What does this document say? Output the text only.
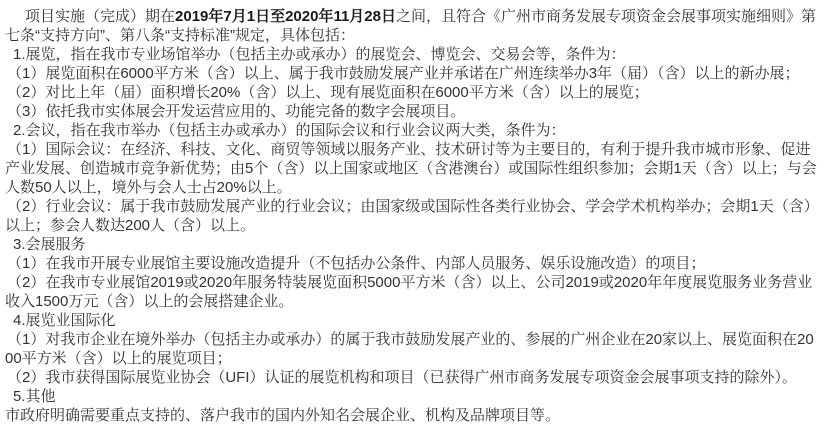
项目实施（完成）期在2019年7月1日至2020年11月28日之间，且符合《广州市商务发展专项资金会展事项实施细则》第七条“支持方向”、第八条“支持标准”规定，具体包括：

1.展览，指在我市专业场馆举办（包括主办或承办）的展览会、博览会、交易会等，条件为：

（1）展览面积在6000平方米（含）以上、属于我市鼓励发展产业并承诺在广州连续举办3年（届）（含）以上的新办展；

（2）对比上年（届）面积增长20%（含）以上、现有展览面积在6000平方米（含）以上的展览；

（3）依托我市实体展会开发运营应用的、功能完备的数字会展项目。

2.会议，指在我市举办（包括主办或承办）的国际会议和行业会议两大类，条件为：

（1）国际会议：在经济、科技、文化、商贸等领域以服务产业、技术研讨等为主要目的，有利于提升我市城市形象、促进产业发展、创造城市竞争新优势；由5个（含）以上国家或地区（含港澳台）或国际性组织参加；会期1天（含）以上；与会人数50人以上，境外与会人士占20%以上。

（2）行业会议：属于我市鼓励发展产业的行业会议；由国家级或国际性各类行业协会、学会学术机构举办；会期1天（含）以上；参会人数达200人（含）以上。

3.会展服务

（1）在我市开展专业展馆主要设施改造提升（不包括办公条件、内部人员服务、娱乐设施改造）的项目；

（2）在我市专业展馆2019或2020年服务特装展览面积5000平方米（含）以上、公司2019或2020年年度展览服务业务营业收入1500万元（含）以上的会展搭建企业。

4.展览业国际化

（1）对我市企业在境外举办（包括主办或承办）的属于我市鼓励发展产业的、参展的广州企业在20家以上、展览面积在2000平方米（含）以上的展览项目；

（2）我市获得国际展览业协会（UFI）认证的展览机构和项目（已获得广州市商务发展专项资金会展事项支持的除外）。

5.其他

市政府明确需要重点支持的、落户我市的国内外知名会展企业、机构及品牌项目等。
